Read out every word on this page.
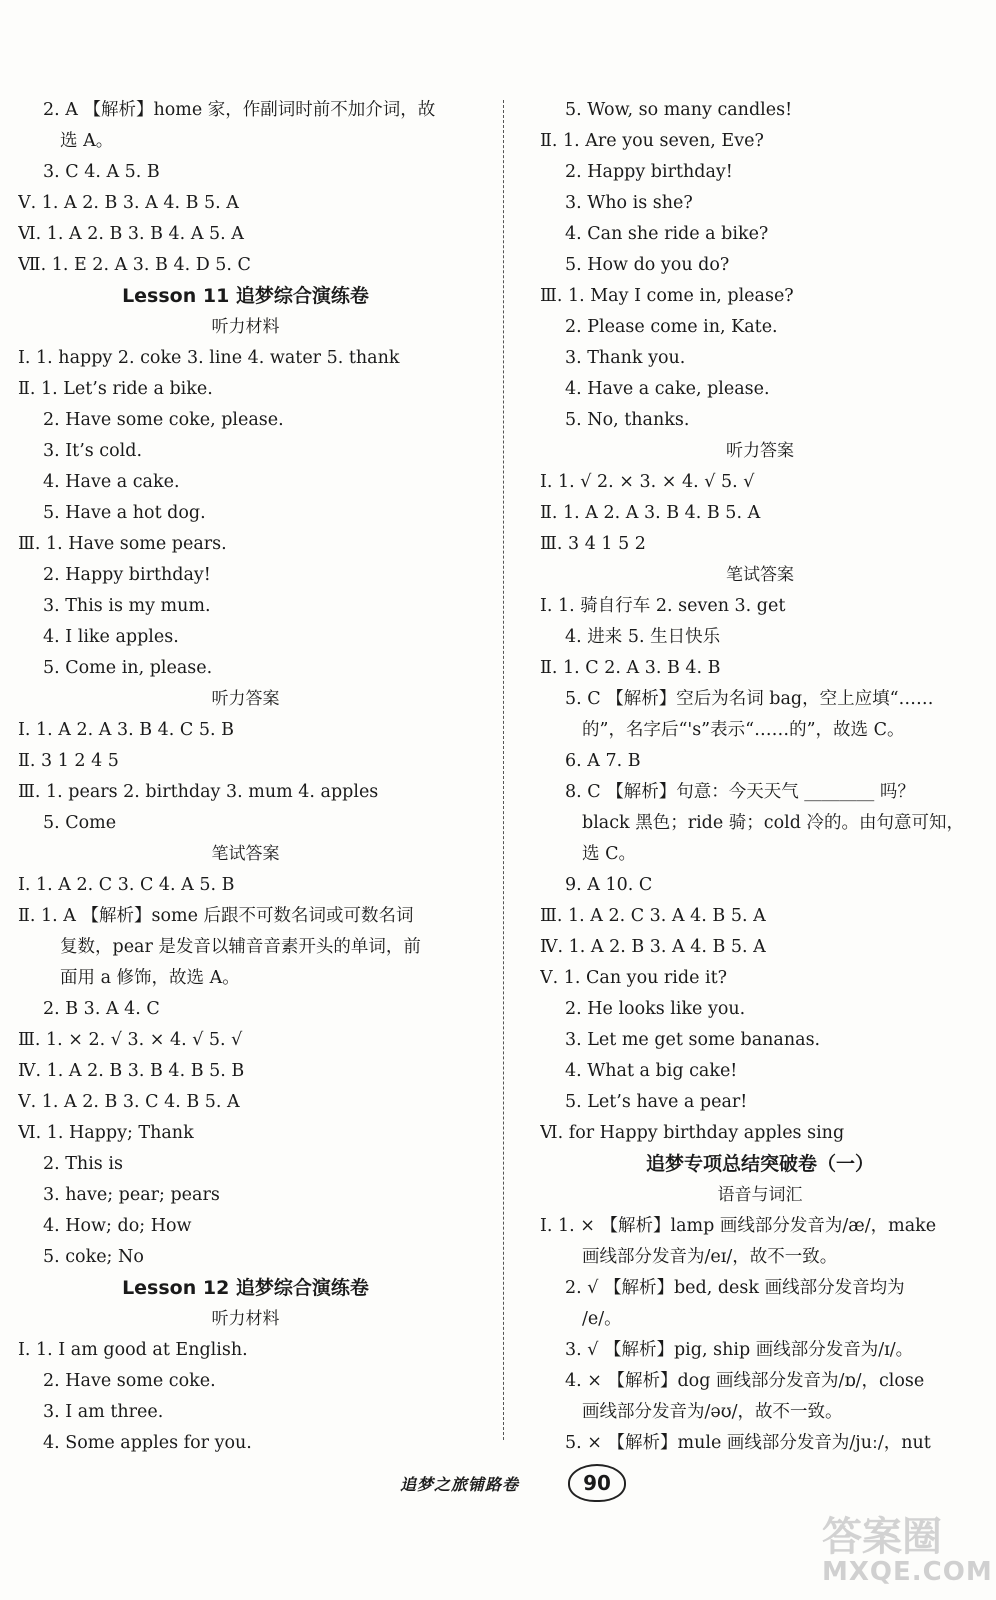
2. A 【解析】home 家，作副词时前不加介词，故
选 A。
3. C 4. A 5. B
Ⅴ. 1. A 2. B 3. A 4. B 5. A
Ⅵ. 1. A 2. B 3. B 4. A 5. A
Ⅶ. 1. E 2. A 3. B 4. D 5. C
Lesson 11 追梦综合演练卷
听力材料
Ⅰ. 1. happy 2. coke 3. line 4. water 5. thank
Ⅱ. 1. Let’s ride a bike.
2. Have some coke, please.
3. It’s cold.
4. Have a cake.
5. Have a hot dog.
Ⅲ. 1. Have some pears.
2. Happy birthday!
3. This is my mum.
4. I like apples.
5. Come in, please.
听力答案
Ⅰ. 1. A 2. A 3. B 4. C 5. B
Ⅱ. 3 1 2 4 5
Ⅲ. 1. pears 2. birthday 3. mum 4. apples
5. Come
笔试答案
Ⅰ. 1. A 2. C 3. C 4. A 5. B
Ⅱ. 1. A 【解析】some 后跟不可数名词或可数名词
复数，pear 是发音以辅音音素开头的单词，前
面用 a 修饰，故选 A。
2. B 3. A 4. C
Ⅲ. 1. × 2. √ 3. × 4. √ 5. √
Ⅳ. 1. A 2. B 3. B 4. B 5. B
Ⅴ. 1. A 2. B 3. C 4. B 5. A
Ⅵ. 1. Happy; Thank
2. This is
3. have; pear; pears
4. How; do; How
5. coke; No
Lesson 12 追梦综合演练卷
听力材料
Ⅰ. 1. I am good at English.
2. Have some coke.
3. I am three.
4. Some apples for you.
5. Wow, so many candles!
Ⅱ. 1. Are you seven, Eve?
2. Happy birthday!
3. Who is she?
4. Can she ride a bike?
5. How do you do?
Ⅲ. 1. May I come in, please?
2. Please come in, Kate.
3. Thank you.
4. Have a cake, please.
5. No, thanks.
听力答案
Ⅰ. 1. √ 2. × 3. × 4. √ 5. √
Ⅱ. 1. A 2. A 3. B 4. B 5. A
Ⅲ. 3 4 1 5 2
笔试答案
Ⅰ. 1. 骑自行车 2. seven 3. get
4. 进来 5. 生日快乐
Ⅱ. 1. C 2. A 3. B 4. B
5. C 【解析】空后为名词 bag，空上应填“……
的”，名字后“'s”表示“……的”，故选 C。
6. A 7. B
8. C 【解析】句意：今天天气 ________ 吗？
black 黑色；ride 骑；cold 冷的。由句意可知，
选 C。
9. A 10. C
Ⅲ. 1. A 2. C 3. A 4. B 5. A
Ⅳ. 1. A 2. B 3. A 4. B 5. A
Ⅴ. 1. Can you ride it?
2. He looks like you.
3. Let me get some bananas.
4. What a big cake!
5. Let’s have a pear!
Ⅵ. for Happy birthday apples sing
追梦专项总结突破卷（一）
语音与词汇
Ⅰ. 1. × 【解析】lamp 画线部分发音为/æ/，make
画线部分发音为/eɪ/，故不一致。
2. √ 【解析】bed, desk 画线部分发音均为
/e/。
3. √ 【解析】pig, ship 画线部分发音为/ɪ/。
4. × 【解析】dog 画线部分发音为/ɒ/，close
画线部分发音为/əʊ/，故不一致。
5. × 【解析】mule 画线部分发音为/juː/，nut
追梦之旅铺路卷	90
答案圈
MXQE.COM
